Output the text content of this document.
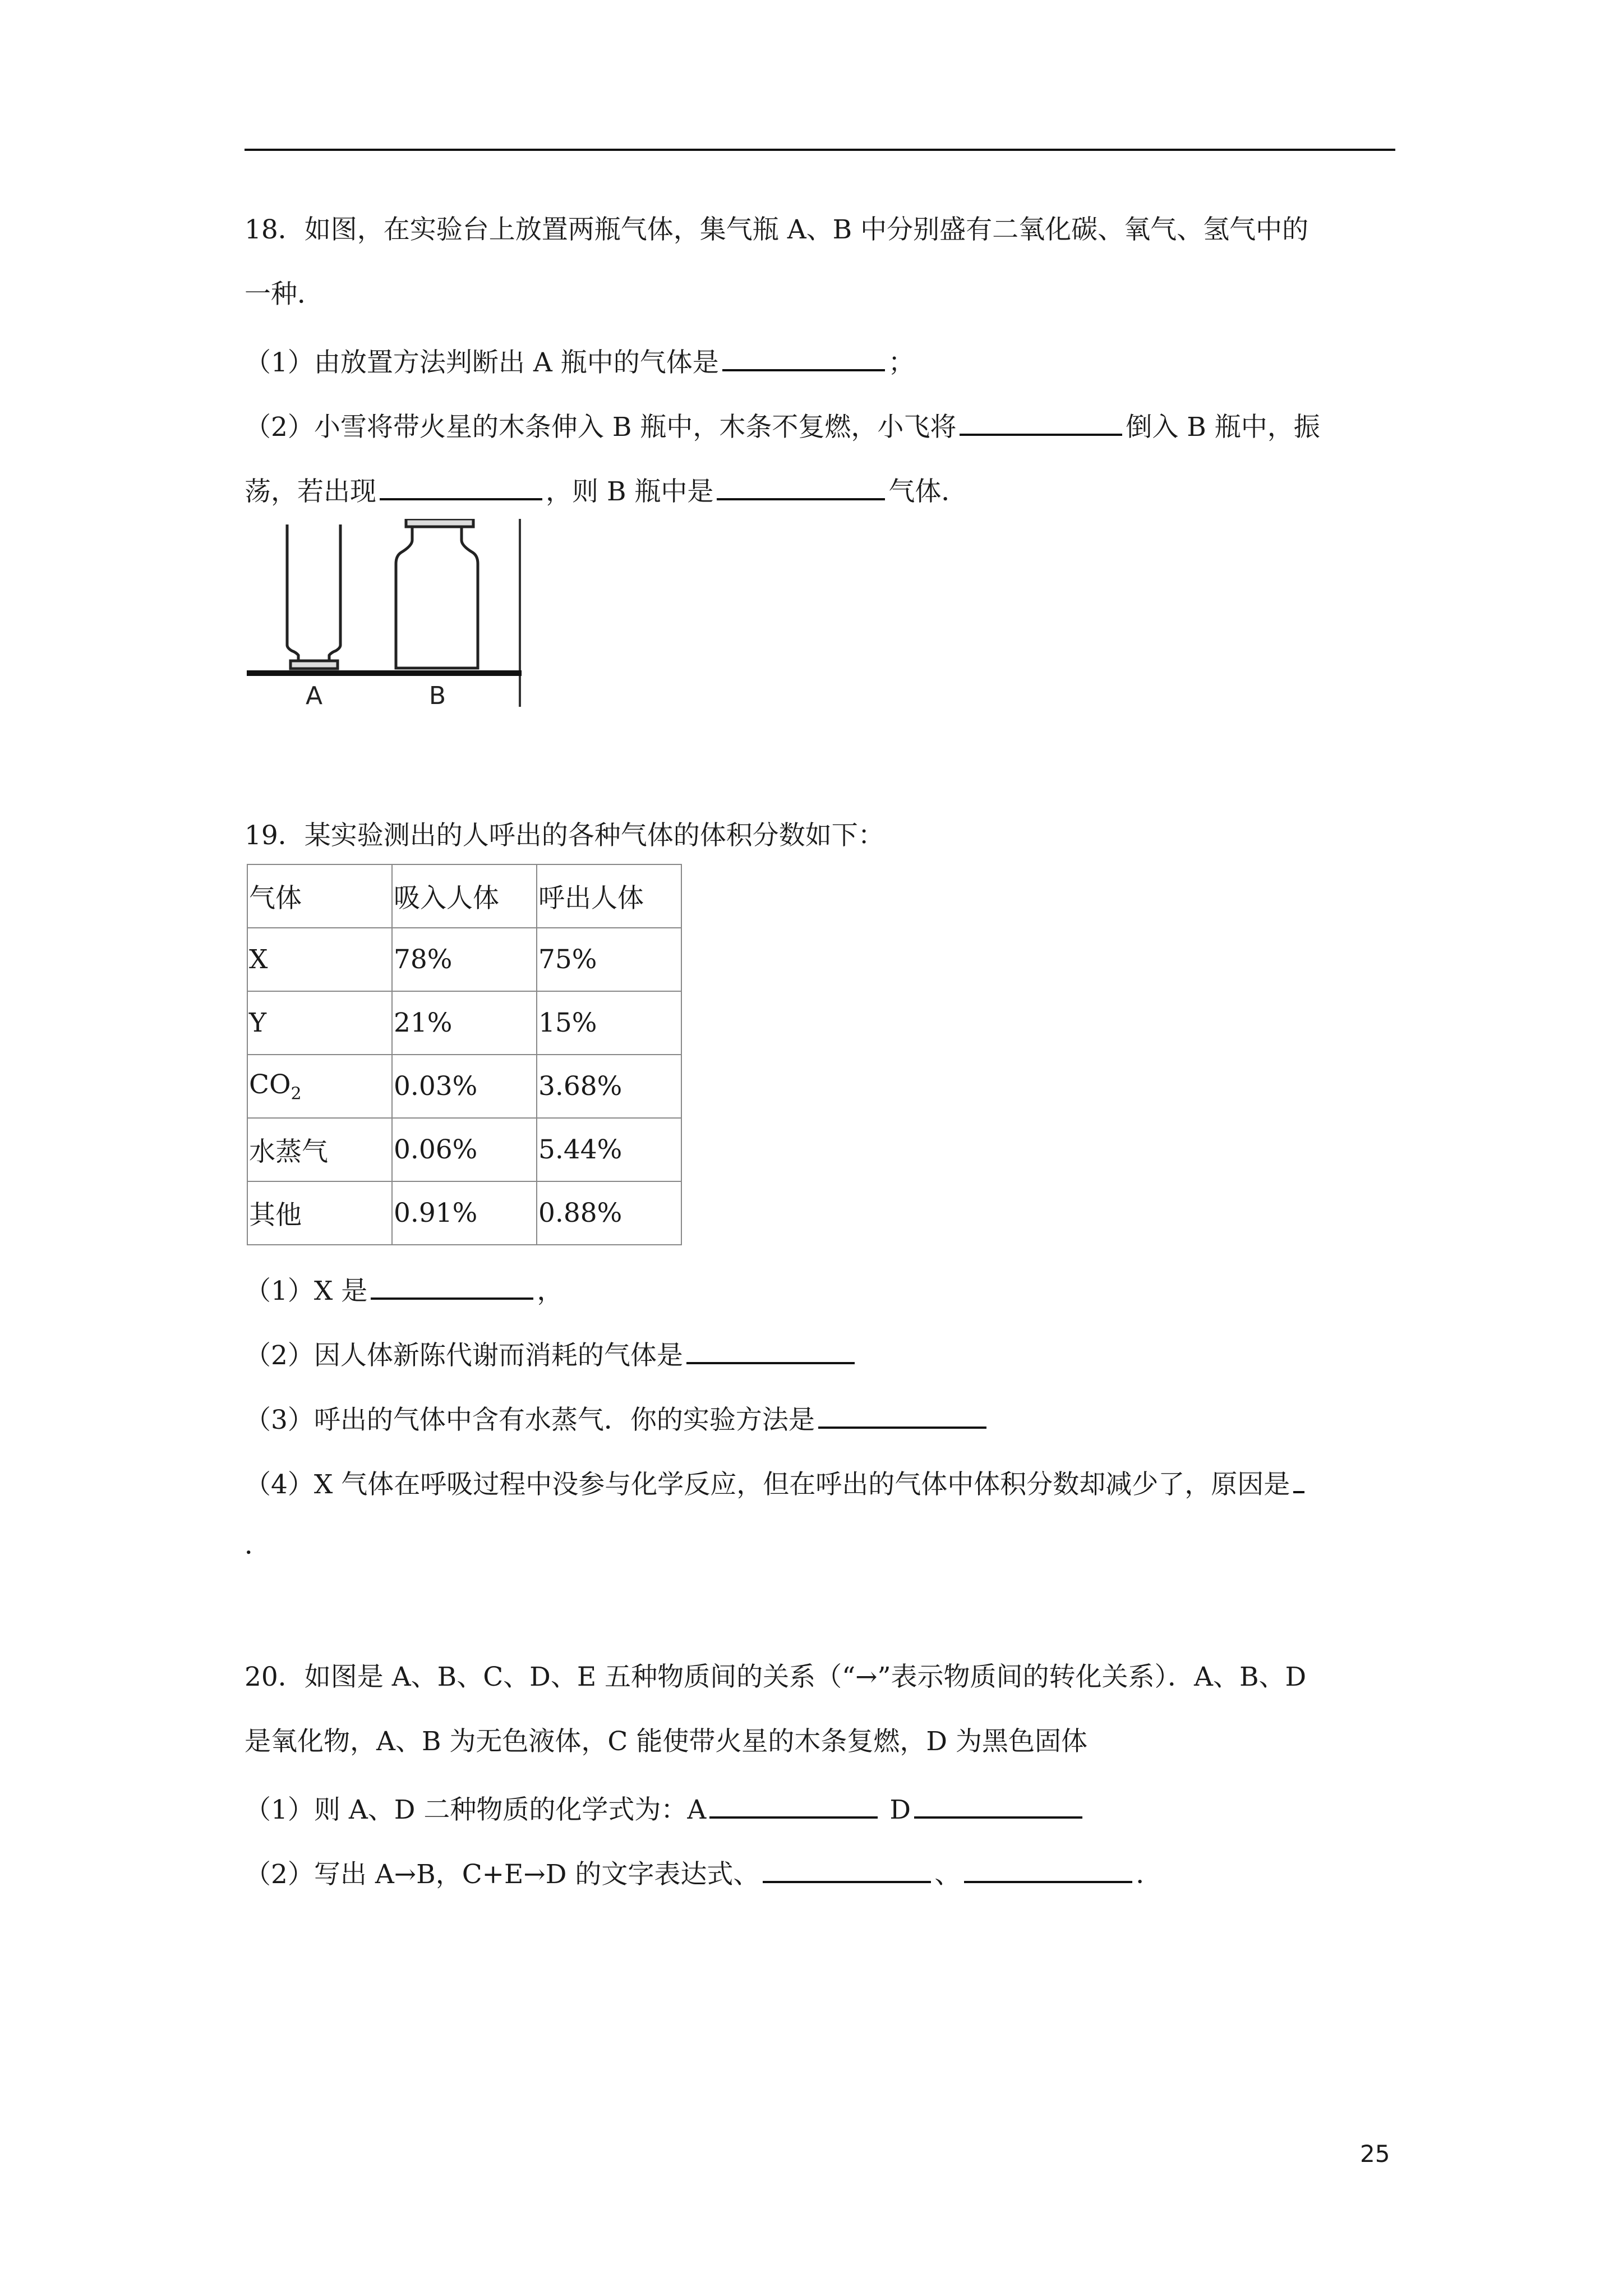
18．如图，在实验台上放置两瓶气体，集气瓶 A、B 中分别盛有二氧化碳、氧气、氢气中的
一种．
（1）由放置方法判断出 A 瓶中的气体是	；
（2）小雪将带火星的木条伸入 B 瓶中，木条不复燃，小飞将	倒入 B 瓶中，振
荡，若出现	，则 B 瓶中是	气体．
A	B
19．某实验测出的人呼出的各种气体的体积分数如下：
气体	吸入人体	呼出人体
X	78%	75%
Y	21%	15%
$CO_2$	0.03%	3.68%
水蒸气	0.06%	5.44%
其他	0.91%	0.88%
（1）X 是	，
（2）因人体新陈代谢而消耗的气体是
（3）呼出的气体中含有水蒸气．你的实验方法是
（4）X 气体在呼吸过程中没参与化学反应，但在呼出的气体中体积分数却减少了，原因是
．
20．如图是 A、B、C、D、E 五种物质间的关系（“→”表示物质间的转化关系）．A、B、D
是氧化物，A、B 为无色液体，C 能使带火星的木条复燃，D 为黑色固体
（1）则 A、D 二种物质的化学式为：A	D
（2）写出 A→B，C+E→D 的文字表达式、	、	．
25
